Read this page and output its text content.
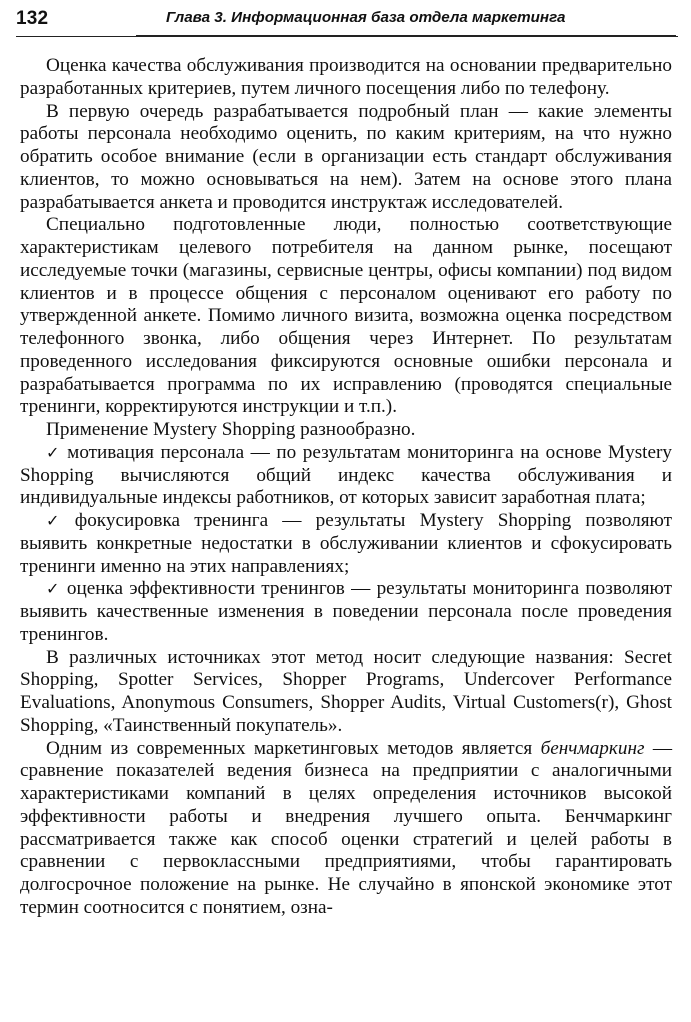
132	Глава 3. Информационная база отдела маркетинга

Оценка качества обслуживания производится на основании предварительно разработанных критериев, путем личного посещения либо по телефону.

В первую очередь разрабатывается подробный план — какие элементы работы персонала необходимо оценить, по каким критериям, на что нужно обратить особое внимание (если в организации есть стандарт обслуживания клиентов, то можно основываться на нем). Затем на основе этого плана разрабатывается анкета и проводится инструктаж исследователей.

Специально подготовленные люди, полностью соответствующие характеристикам целевого потребителя на данном рынке, посещают исследуемые точки (магазины, сервисные центры, офисы компании) под видом клиентов и в процессе общения с персоналом оценивают его работу по утвержденной анкете. Помимо личного визита, возможна оценка посредством телефонного звонка, либо общения через Интернет. По результатам проведенного исследования фиксируются основные ошибки персонала и разрабатывается программа по их исправлению (проводятся специальные тренинги, корректируются инструкции и т.п.).

Применение Mystery Shopping разнообразно.

✓ мотивация персонала — по результатам мониторинга на основе Mystery Shopping вычисляются общий индекс качества обслуживания и индивидуальные индексы работников, от которых зависит заработная плата;

✓ фокусировка тренинга — результаты Mystery Shopping позволяют выявить конкретные недостатки в обслуживании клиентов и сфокусировать тренинги именно на этих направлениях;

✓ оценка эффективности тренингов — результаты мониторинга позволяют выявить качественные изменения в поведении персонала после проведения тренингов.

В различных источниках этот метод носит следующие названия: Secret Shopping, Spotter Services, Shopper Programs, Undercover Performance Evaluations, Anonymous Consumers, Shopper Audits, Virtual Customers(r), Ghost Shopping, «Таинственный покупатель».

Одним из современных маркетинговых методов является бенчмаркинг — сравнение показателей ведения бизнеса на предприятии с аналогичными характеристиками компаний в целях определения источников высокой эффективности работы и внедрения лучшего опыта. Бенчмаркинг рассматривается также как способ оценки стратегий и целей работы в сравнении с первоклассными предприятиями, чтобы гарантировать долгосрочное положение на рынке. Не случайно в японской экономике этот термин соотносится с понятием, озна-
